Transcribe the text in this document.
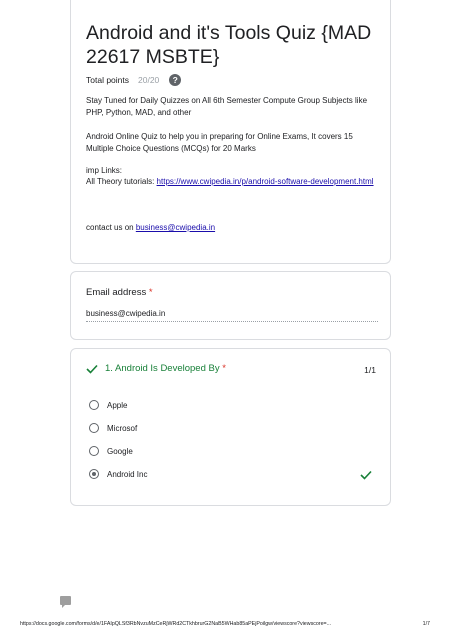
Android and it's Tools Quiz {MAD 22617 MSBTE}
Total points 20/20	?
Stay Tuned for Daily Quizzes on All 6th Semester Compute Group Subjects like PHP, Python, MAD, and other
Android Online Quiz to help you in preparing for Online Exams, It covers 15 Multiple Choice Questions (MCQs) for 20 Marks
imp Links:
All Theory tutorials: https://www.cwipedia.in/p/android-software-development.html
contact us on business@cwipedia.in
Email address *
business@cwipedia.in
1. Android Is Developed By *	1/1
Apple
Microsof
Google
Android Inc
https://docs.google.com/forms/d/e/1FAIpQLSf3RbNvzuMzCeRjWRd2CTkhbrurG2NaB5WHab85aPEjPoilgw/viewscore?viewscore=...	1/7
